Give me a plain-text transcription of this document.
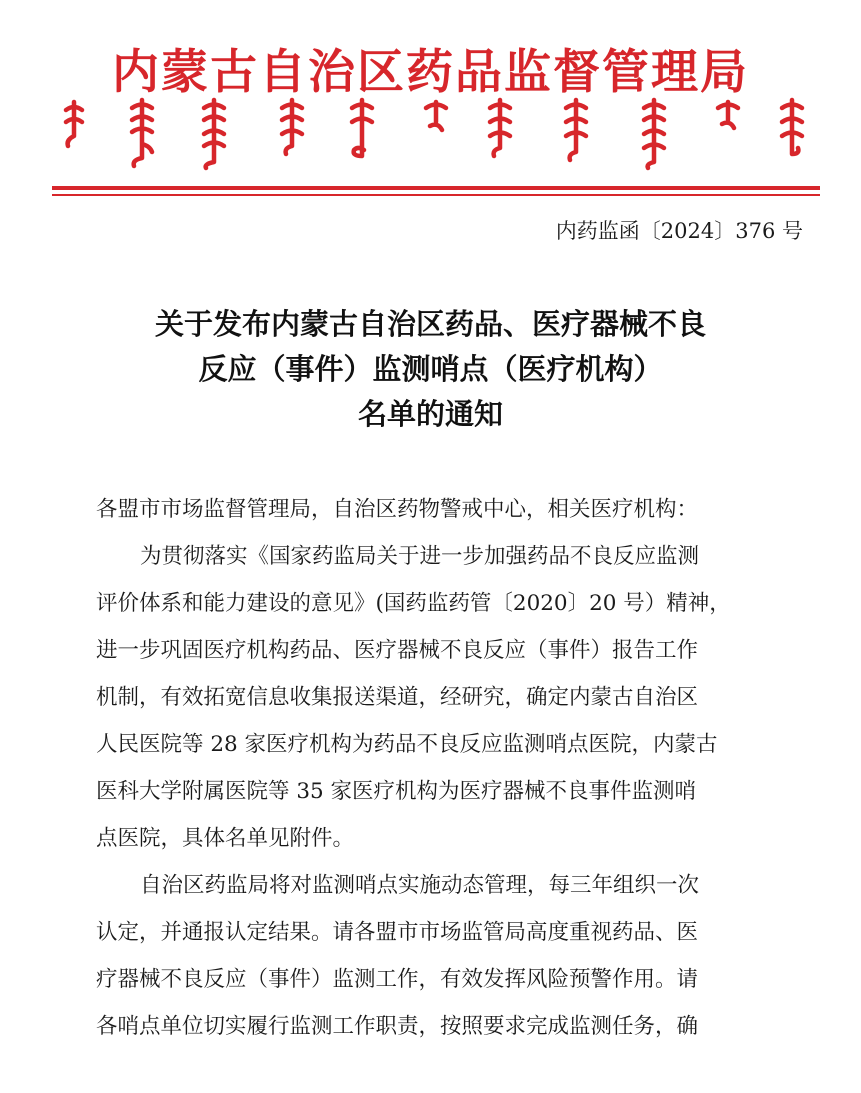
内蒙古自治区药品监督管理局
内药监函〔2024〕376 号
关于发布内蒙古自治区药品、医疗器械不良
反应（事件）监测哨点（医疗机构）
名单的通知
各盟市市场监督管理局，自治区药物警戒中心，相关医疗机构：
为贯彻落实《国家药监局关于进一步加强药品不良反应监测
评价体系和能力建设的意见》(国药监药管〔2020〕20 号）精神，
进一步巩固医疗机构药品、医疗器械不良反应（事件）报告工作
机制，有效拓宽信息收集报送渠道，经研究，确定内蒙古自治区
人民医院等 28 家医疗机构为药品不良反应监测哨点医院，内蒙古
医科大学附属医院等 35 家医疗机构为医疗器械不良事件监测哨
点医院，具体名单见附件。
自治区药监局将对监测哨点实施动态管理，每三年组织一次
认定，并通报认定结果。请各盟市市场监管局高度重视药品、医
疗器械不良反应（事件）监测工作，有效发挥风险预警作用。请
各哨点单位切实履行监测工作职责，按照要求完成监测任务，确
